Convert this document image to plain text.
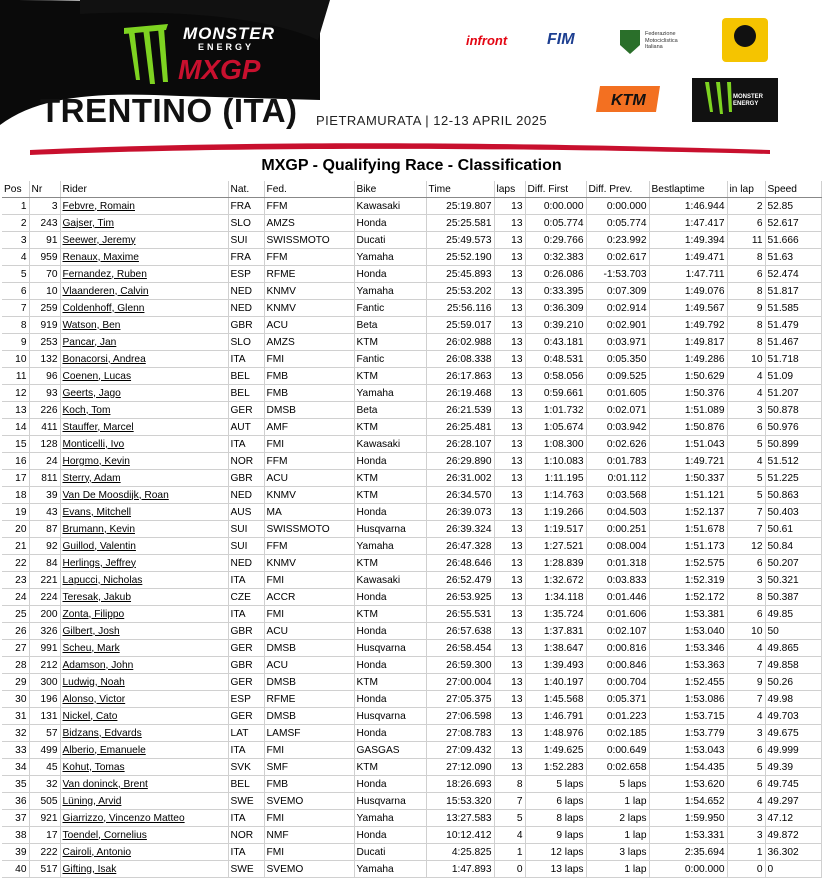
KTM
MONSTER
ENERGY
MXGP
TRENTINO (ITA) PIETRAMURATA | 12-13 APRIL 2025
infront FIM	Federazione Motociclistica Italiana
MONSTER ENERGY
MXGP - Qualifying Race - Classification
Pos	Nr	Rider	Nat.	Fed.	Bike	Time	laps	Diff. First	Diff. Prev.	Bestlaptime	in lap	Speed
1	3	Febvre, Romain	FRA	FFM	Kawasaki	25:19.807	13	0:00.000	0:00.000	1:46.944	2	52.85
2	243	Gajser, Tim	SLO	AMZS	Honda	25:25.581	13	0:05.774	0:05.774	1:47.417	6	52.617
3	91	Seewer, Jeremy	SUI	SWISSMOTO	Ducati	25:49.573	13	0:29.766	0:23.992	1:49.394	11	51.666
4	959	Renaux, Maxime	FRA	FFM	Yamaha	25:52.190	13	0:32.383	0:02.617	1:49.471	8	51.63
5	70	Fernandez, Ruben	ESP	RFME	Honda	25:45.893	13	0:26.086	-1:53.703	1:47.711	6	52.474
6	10	Vlaanderen, Calvin	NED	KNMV	Yamaha	25:53.202	13	0:33.395	0:07.309	1:49.076	8	51.817
7	259	Coldenhoff, Glenn	NED	KNMV	Fantic	25:56.116	13	0:36.309	0:02.914	1:49.567	9	51.585
8	919	Watson, Ben	GBR	ACU	Beta	25:59.017	13	0:39.210	0:02.901	1:49.792	8	51.479
9	253	Pancar, Jan	SLO	AMZS	KTM	26:02.988	13	0:43.181	0:03.971	1:49.817	8	51.467
10	132	Bonacorsi, Andrea	ITA	FMI	Fantic	26:08.338	13	0:48.531	0:05.350	1:49.286	10	51.718
11	96	Coenen, Lucas	BEL	FMB	KTM	26:17.863	13	0:58.056	0:09.525	1:50.629	4	51.09
12	93	Geerts, Jago	BEL	FMB	Yamaha	26:19.468	13	0:59.661	0:01.605	1:50.376	4	51.207
13	226	Koch, Tom	GER	DMSB	Beta	26:21.539	13	1:01.732	0:02.071	1:51.089	3	50.878
14	411	Stauffer, Marcel	AUT	AMF	KTM	26:25.481	13	1:05.674	0:03.942	1:50.876	6	50.976
15	128	Monticelli, Ivo	ITA	FMI	Kawasaki	26:28.107	13	1:08.300	0:02.626	1:51.043	5	50.899
16	24	Horgmo, Kevin	NOR	FFM	Honda	26:29.890	13	1:10.083	0:01.783	1:49.721	4	51.512
17	811	Sterry, Adam	GBR	ACU	KTM	26:31.002	13	1:11.195	0:01.112	1:50.337	5	51.225
18	39	Van De Moosdijk, Roan	NED	KNMV	KTM	26:34.570	13	1:14.763	0:03.568	1:51.121	5	50.863
19	43	Evans, Mitchell	AUS	MA	Honda	26:39.073	13	1:19.266	0:04.503	1:52.137	7	50.403
20	87	Brumann, Kevin	SUI	SWISSMOTO	Husqvarna	26:39.324	13	1:19.517	0:00.251	1:51.678	7	50.61
21	92	Guillod, Valentin	SUI	FFM	Yamaha	26:47.328	13	1:27.521	0:08.004	1:51.173	12	50.84
22	84	Herlings, Jeffrey	NED	KNMV	KTM	26:48.646	13	1:28.839	0:01.318	1:52.575	6	50.207
23	221	Lapucci, Nicholas	ITA	FMI	Kawasaki	26:52.479	13	1:32.672	0:03.833	1:52.319	3	50.321
24	224	Teresak, Jakub	CZE	ACCR	Honda	26:53.925	13	1:34.118	0:01.446	1:52.172	8	50.387
25	200	Zonta, Filippo	ITA	FMI	KTM	26:55.531	13	1:35.724	0:01.606	1:53.381	6	49.85
26	326	Gilbert, Josh	GBR	ACU	Honda	26:57.638	13	1:37.831	0:02.107	1:53.040	10	50
27	991	Scheu, Mark	GER	DMSB	Husqvarna	26:58.454	13	1:38.647	0:00.816	1:53.346	4	49.865
28	212	Adamson, John	GBR	ACU	Honda	26:59.300	13	1:39.493	0:00.846	1:53.363	7	49.858
29	300	Ludwig, Noah	GER	DMSB	KTM	27:00.004	13	1:40.197	0:00.704	1:52.455	9	50.26
30	196	Alonso, Victor	ESP	RFME	Honda	27:05.375	13	1:45.568	0:05.371	1:53.086	7	49.98
31	131	Nickel, Cato	GER	DMSB	Husqvarna	27:06.598	13	1:46.791	0:01.223	1:53.715	4	49.703
32	57	Bidzans, Edvards	LAT	LAMSF	Honda	27:08.783	13	1:48.976	0:02.185	1:53.779	3	49.675
33	499	Alberio, Emanuele	ITA	FMI	GASGAS	27:09.432	13	1:49.625	0:00.649	1:53.043	6	49.999
34	45	Kohut, Tomas	SVK	SMF	KTM	27:12.090	13	1:52.283	0:02.658	1:54.435	5	49.39
35	32	Van doninck, Brent	BEL	FMB	Honda	18:26.693	8	5 laps	5 laps	1:53.620	6	49.745
36	505	Lüning, Arvid	SWE	SVEMO	Husqvarna	15:53.320	7	6 laps	1 lap	1:54.652	4	49.297
37	921	Giarrizzo, Vincenzo Matteo	ITA	FMI	Yamaha	13:27.583	5	8 laps	2 laps	1:59.950	3	47.12
38	17	Toendel, Cornelius	NOR	NMF	Honda	10:12.412	4	9 laps	1 lap	1:53.331	3	49.872
39	222	Cairoli, Antonio	ITA	FMI	Ducati	4:25.825	1	12 laps	3 laps	2:35.694	1	36.302
40	517	Gifting, Isak	SWE	SVEMO	Yamaha	1:47.893	0	13 laps	1 lap	0:00.000	0	0
